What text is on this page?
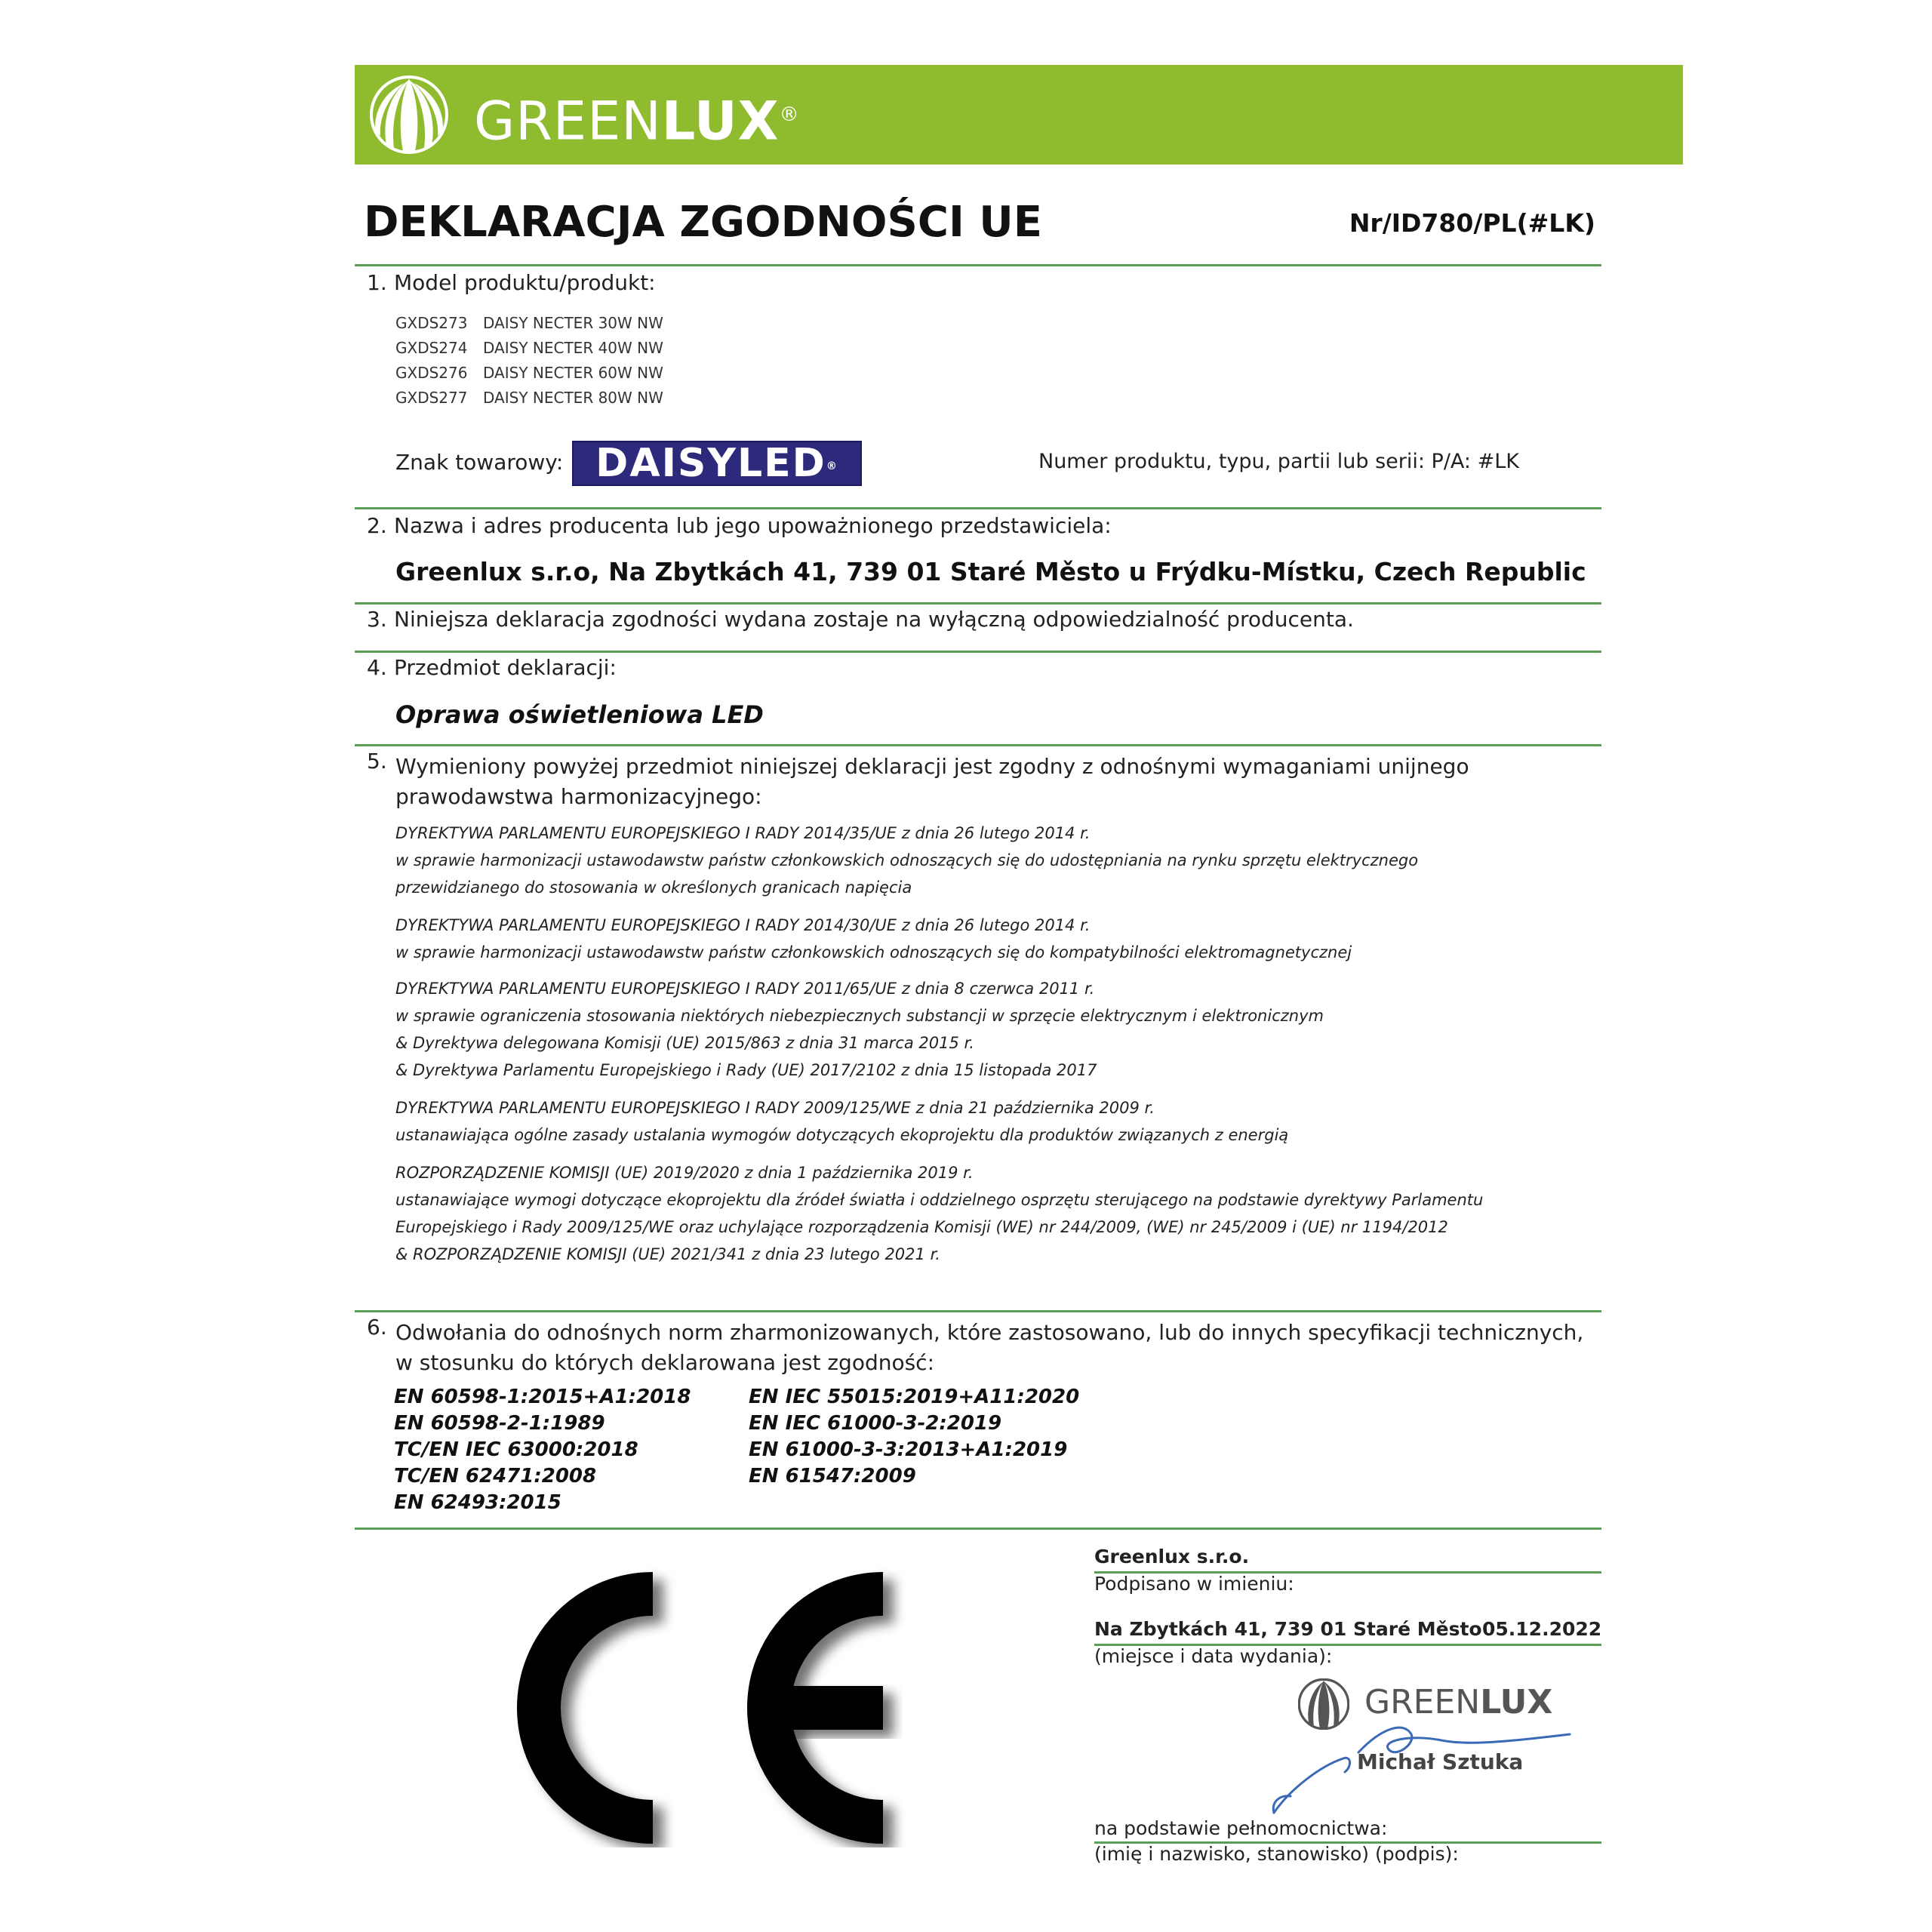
GREENLUX®
DEKLARACJA ZGODNOŚCI UE	Nr/ID780/PL(#LK)
1. Model produktu/produkt:
GXDS273 DAISY NECTER 30W NW
GXDS274 DAISY NECTER 40W NW
GXDS276 DAISY NECTER 60W NW
GXDS277 DAISY NECTER 80W NW
Znak towarowy: DAISYLED®	Numer produktu, typu, partii lub serii: P/A: #LK
2. Nazwa i adres producenta lub jego upoważnionego przedstawiciela:
Greenlux s.r.o, Na Zbytkách 41, 739 01 Staré Město u Frýdku-Místku, Czech Republic
3. Niniejsza deklaracja zgodności wydana zostaje na wyłączną odpowiedzialność producenta.
4. Przedmiot deklaracji:
Oprawa oświetleniowa LED
5. Wymieniony powyżej przedmiot niniejszej deklaracji jest zgodny z odnośnymi wymaganiami unijnego prawodawstwa harmonizacyjnego:
DYREKTYWA PARLAMENTU EUROPEJSKIEGO I RADY 2014/35/UE z dnia 26 lutego 2014 r.
w sprawie harmonizacji ustawodawstw państw członkowskich odnoszących się do udostępniania na rynku sprzętu elektrycznego
przewidzianego do stosowania w określonych granicach napięcia
DYREKTYWA PARLAMENTU EUROPEJSKIEGO I RADY 2014/30/UE z dnia 26 lutego 2014 r.
w sprawie harmonizacji ustawodawstw państw członkowskich odnoszących się do kompatybilności elektromagnetycznej
DYREKTYWA PARLAMENTU EUROPEJSKIEGO I RADY 2011/65/UE z dnia 8 czerwca 2011 r.
w sprawie ograniczenia stosowania niektórych niebezpiecznych substancji w sprzęcie elektrycznym i elektronicznym
& Dyrektywa delegowana Komisji (UE) 2015/863 z dnia 31 marca 2015 r.
& Dyrektywa Parlamentu Europejskiego i Rady (UE) 2017/2102 z dnia 15 listopada 2017
DYREKTYWA PARLAMENTU EUROPEJSKIEGO I RADY 2009/125/WE z dnia 21 października 2009 r.
ustanawiająca ogólne zasady ustalania wymogów dotyczących ekoprojektu dla produktów związanych z energią
ROZPORZĄDZENIE KOMISJI (UE) 2019/2020 z dnia 1 października 2019 r.
ustanawiające wymogi dotyczące ekoprojektu dla źródeł światła i oddzielnego osprzętu sterującego na podstawie dyrektywy Parlamentu
Europejskiego i Rady 2009/125/WE oraz uchylające rozporządzenia Komisji (WE) nr 244/2009, (WE) nr 245/2009 i (UE) nr 1194/2012
& ROZPORZĄDZENIE KOMISJI (UE) 2021/341 z dnia 23 lutego 2021 r.
6. Odwołania do odnośnych norm zharmonizowanych, które zastosowano, lub do innych specyfikacji technicznych, w stosunku do których deklarowana jest zgodność:
EN 60598-1:2015+A1:2018
EN 60598-2-1:1989
TC/EN IEC 63000:2018
TC/EN 62471:2008
EN 62493:2015
EN IEC 55015:2019+A11:2020
EN IEC 61000-3-2:2019
EN 61000-3-3:2013+A1:2019
EN 61547:2009
Greenlux s.r.o.
Podpisano w imieniu:
Na Zbytkách 41, 739 01 Staré Město 05.12.2022
(miejsce i data wydania):
GREENLUX
Michał Sztuka
na podstawie pełnomocnictwa:
(imię i nazwisko, stanowisko) (podpis):
